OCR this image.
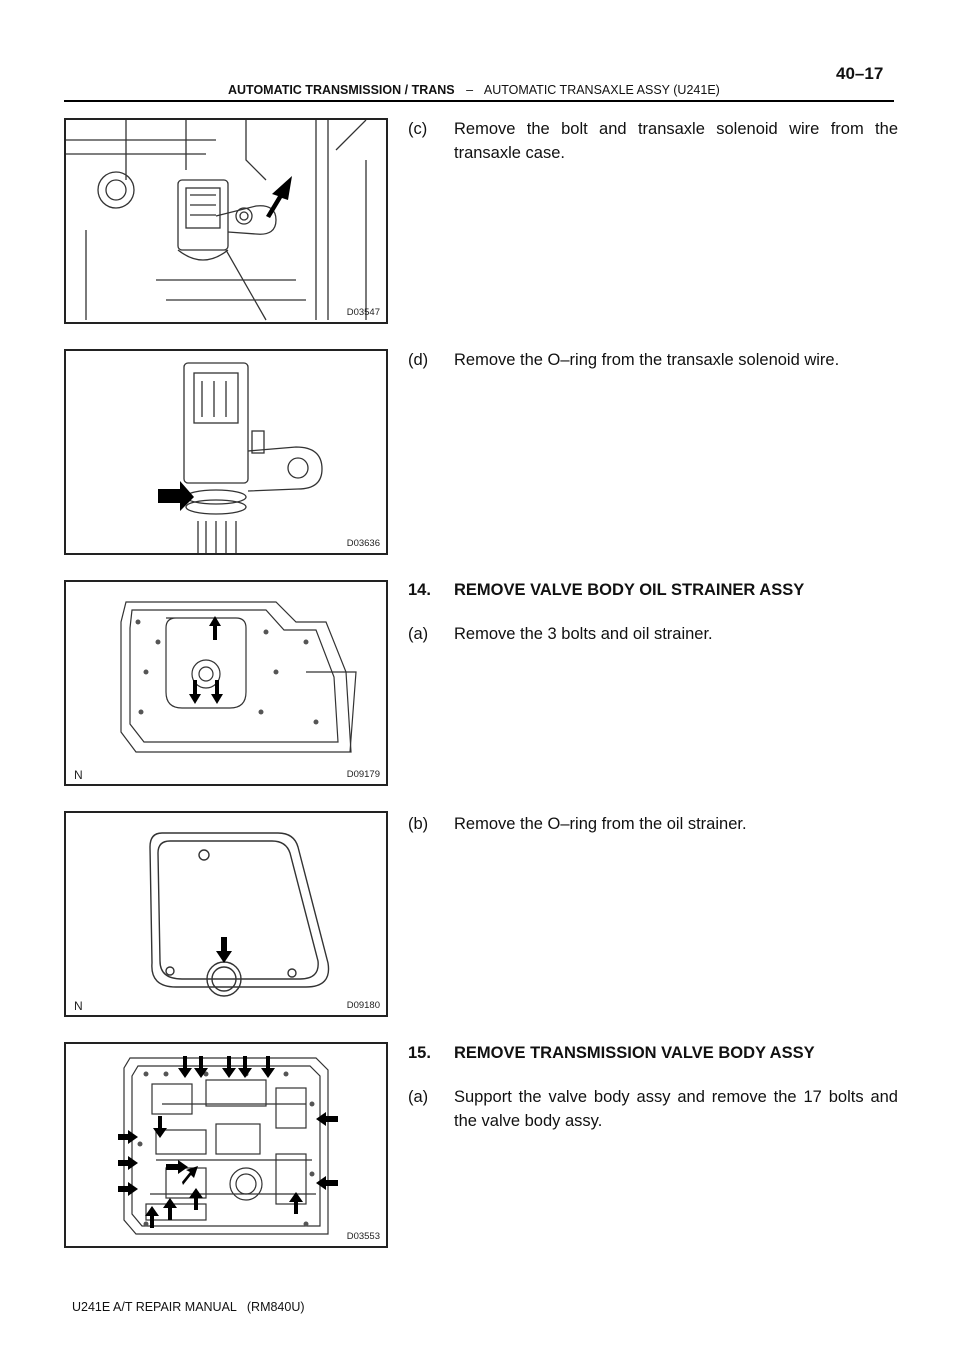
AUTOMATIC TRANSMISSION / TRANS – AUTOMATIC TRANSAXLE ASSY (U241E)
40–17
D03547
D03636
N	D09179
N	D09180
D03553
(c) Remove the bolt and transaxle solenoid wire from the transaxle case.
(d) Remove the O–ring from the transaxle solenoid wire.
14. REMOVE VALVE BODY OIL STRAINER ASSY
(a) Remove the 3 bolts and oil strainer.
(b) Remove the O–ring from the oil strainer.
15. REMOVE TRANSMISSION VALVE BODY ASSY
(a) Support the valve body assy and remove the 17 bolts and the valve body assy.
U241E A/T REPAIR MANUAL (RM840U)
